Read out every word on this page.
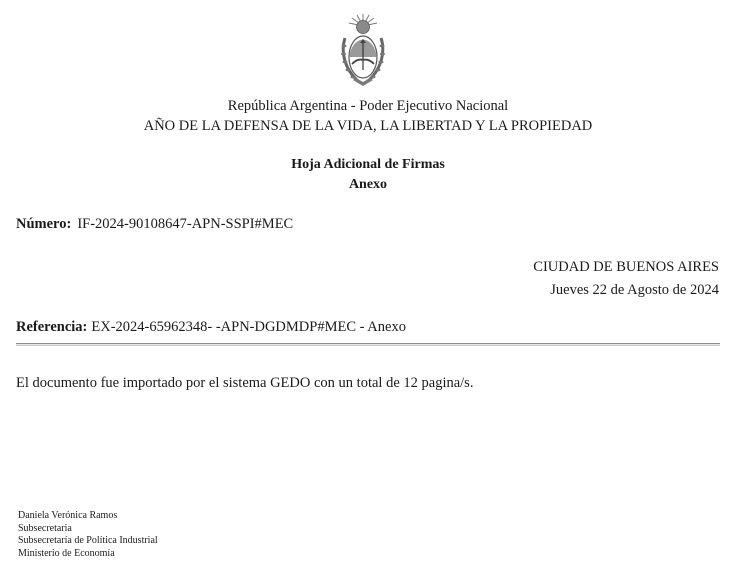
República Argentina - Poder Ejecutivo Nacional
AÑO DE LA DEFENSA DE LA VIDA, LA LIBERTAD Y LA PROPIEDAD
Hoja Adicional de Firmas
Anexo
Número: IF-2024-90108647-APN-SSPI#MEC
CIUDAD DE BUENOS AIRES
Jueves 22 de Agosto de 2024
Referencia: EX-2024-65962348- -APN-DGDMDP#MEC - Anexo
El documento fue importado por el sistema GEDO con un total de 12 pagina/s.
Daniela Verónica Ramos
Subsecretaria
Subsecretaría de Política Industrial
Ministerio de Economía
